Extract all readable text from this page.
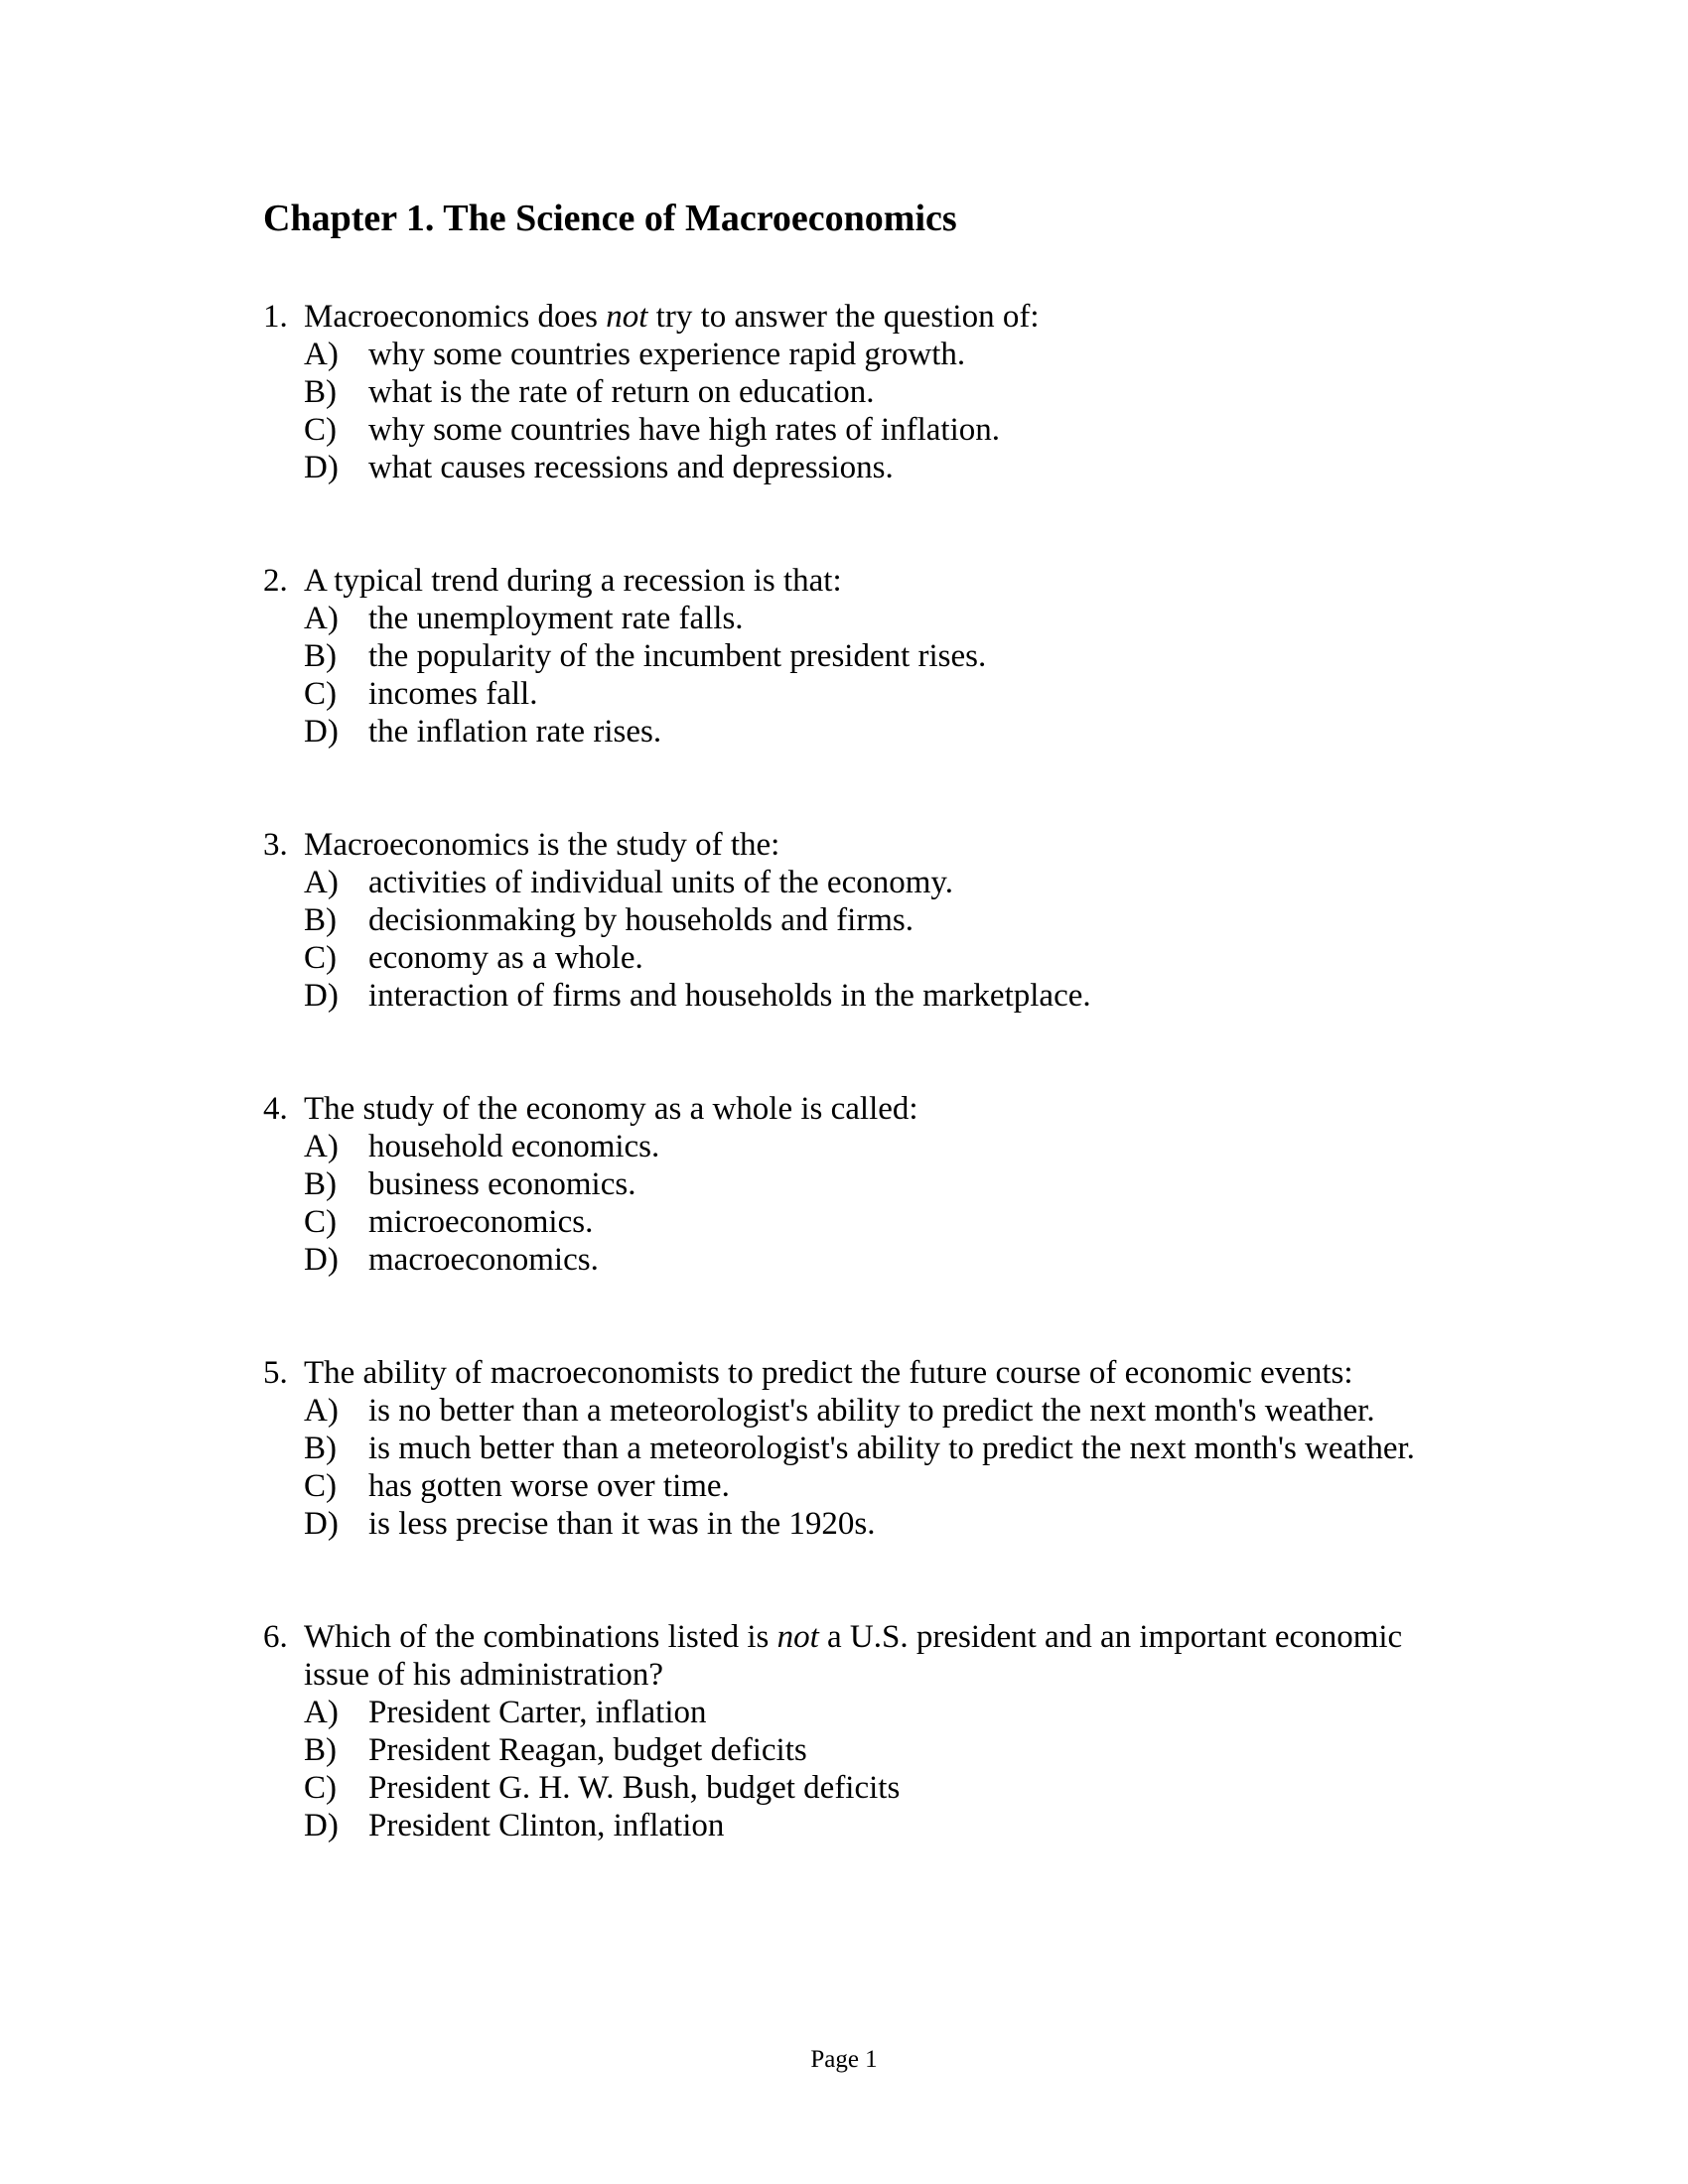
Chapter 1. The Science of Macroeconomics
1. Macroeconomics does not try to answer the question of:
A) why some countries experience rapid growth.
B) what is the rate of return on education.
C) why some countries have high rates of inflation.
D) what causes recessions and depressions.
2. A typical trend during a recession is that:
A) the unemployment rate falls.
B) the popularity of the incumbent president rises.
C) incomes fall.
D) the inflation rate rises.
3. Macroeconomics is the study of the:
A) activities of individual units of the economy.
B) decisionmaking by households and firms.
C) economy as a whole.
D) interaction of firms and households in the marketplace.
4. The study of the economy as a whole is called:
A) household economics.
B) business economics.
C) microeconomics.
D) macroeconomics.
5. The ability of macroeconomists to predict the future course of economic events:
A) is no better than a meteorologist's ability to predict the next month's weather.
B) is much better than a meteorologist's ability to predict the next month's weather.
C) has gotten worse over time.
D) is less precise than it was in the 1920s.
6. Which of the combinations listed is not a U.S. president and an important economic issue of his administration?
A) President Carter, inflation
B) President Reagan, budget deficits
C) President G. H. W. Bush, budget deficits
D) President Clinton, inflation
Page 1
